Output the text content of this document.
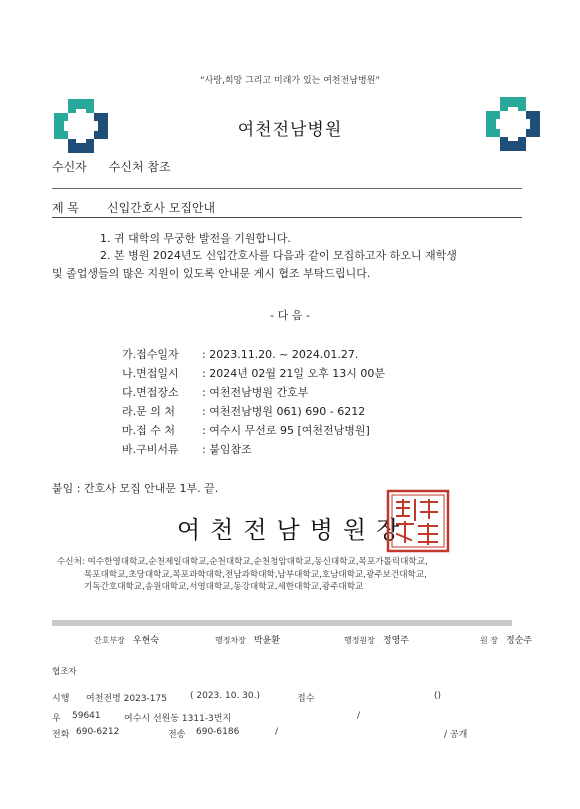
“사랑,희망 그리고 미래가 있는 여천전남병원”
여천전남병원
수신자 수신처 참조
제 목 신입간호사 모집안내
1. 귀 대학의 무궁한 발전을 기원합니다.
2. 본 병원 2024년도 신입간호사를 다음과 같이 모집하고자 하오니 재학생
및 졸업생들의 많은 지원이 있도록 안내문 게시 협조 부탁드립니다.
- 다 음 -
가.접수일자 : 2023.11.20. ~ 2024.01.27.
나.면접일시 : 2024년 02월 21일 오후 13시 00분
다.면접장소 : 여천전남병원 간호부
라.문 의 처 : 여천전남병원 061) 690 - 6212
마.접 수 처 : 여수시 무선로 95 [여천전남병원]
바.구비서류 : 붙임참조
붙임 : 간호사 모집 안내문 1부. 끝.
여천전남병원장
수신처: 여수한영대학교,순천제일대학교,순천대학교,순천청암대학교,동신대학교,목포가톨릭대학교,
목포대학교,초당대학교,목포과학대학,전남과학대학,남부대학교,호남대학교,광주보건대학교,
기독간호대학교,송원대학교,서영대학교,동강대학교,세한대학교,광주대학교
간호부장 우현숙	행정차장 박윤환	행정원장 정영주	원 장 정순주
협조자
시행 여천전병 2023-175	( 2023. 10. 30.)	접수	()
우 59641	여수시 선원동 1311-3번지	/
전화 690-6212	전송 690-6186	/	/ 공개
